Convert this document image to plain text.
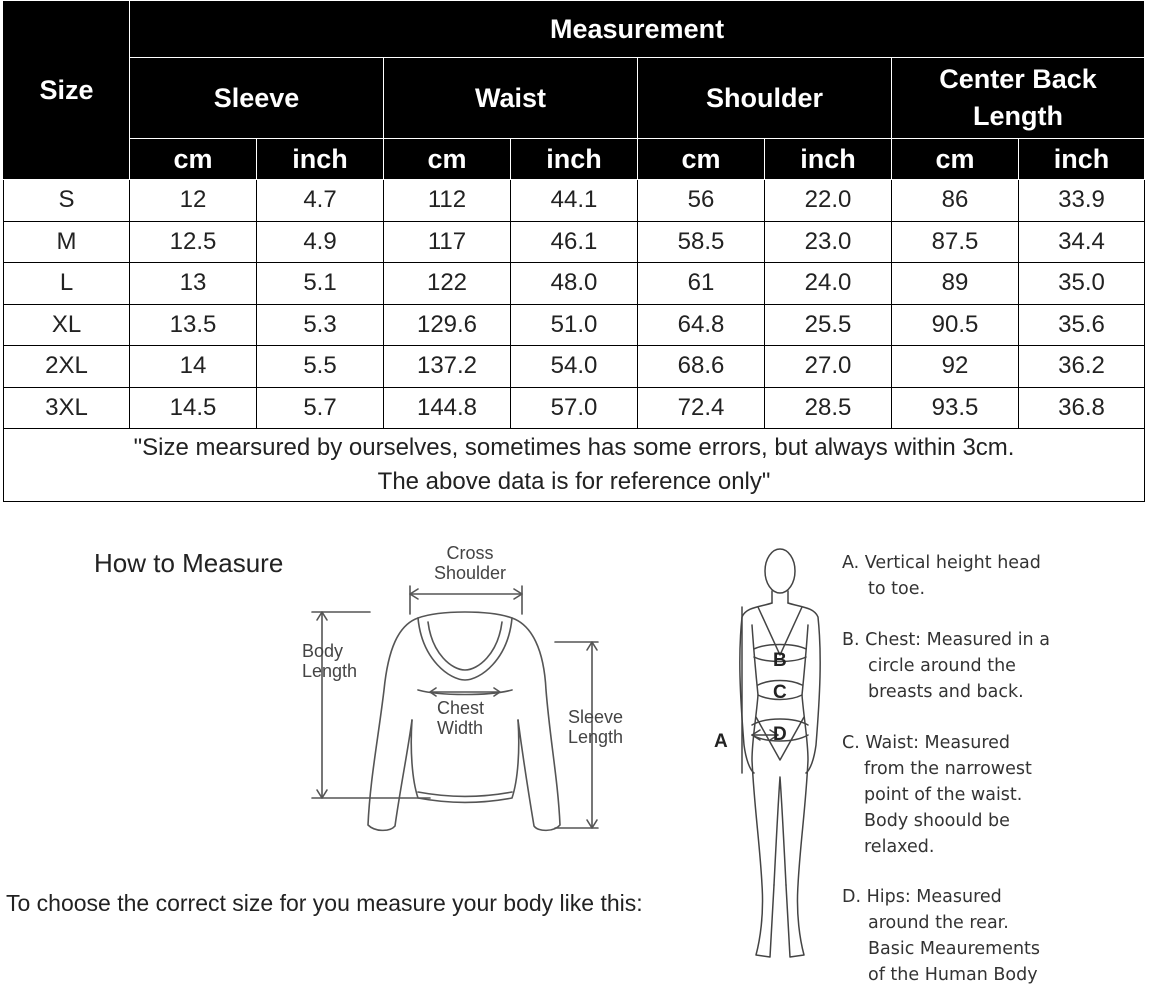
Size	Measurement							
	Sleeve		Waist		Shoulder		Center Back Length	
	cm	inch	cm	inch	cm	inch	cm	inch
S	12	4.7	112	44.1	56	22.0	86	33.9
M	12.5	4.9	117	46.1	58.5	23.0	87.5	34.4
L	13	5.1	122	48.0	61	24.0	89	35.0
XL	13.5	5.3	129.6	51.0	64.8	25.5	90.5	35.6
2XL	14	5.5	137.2	54.0	68.6	27.0	92	36.2
3XL	14.5	5.7	144.8	57.0	72.4	28.5	93.5	36.8
"Size mearsured by ourselves, sometimes has some errors, but always within 3cm.
The above data is for reference only"								
How to Measure
To choose the correct size for you measure your body like this:
Cross
Shoulder
Body
Length
Chest
Width
Sleeve
Length	A
B
C
D
A. Vertical height head
to toe.
B. Chest: Measured in a
circle around the
breasts and back.
C. Waist: Measured
from the narrowest
point of the waist.
Body shoould be
relaxed.
D. Hips: Measured
around the rear.
Basic Meaurements
of the Human Body
